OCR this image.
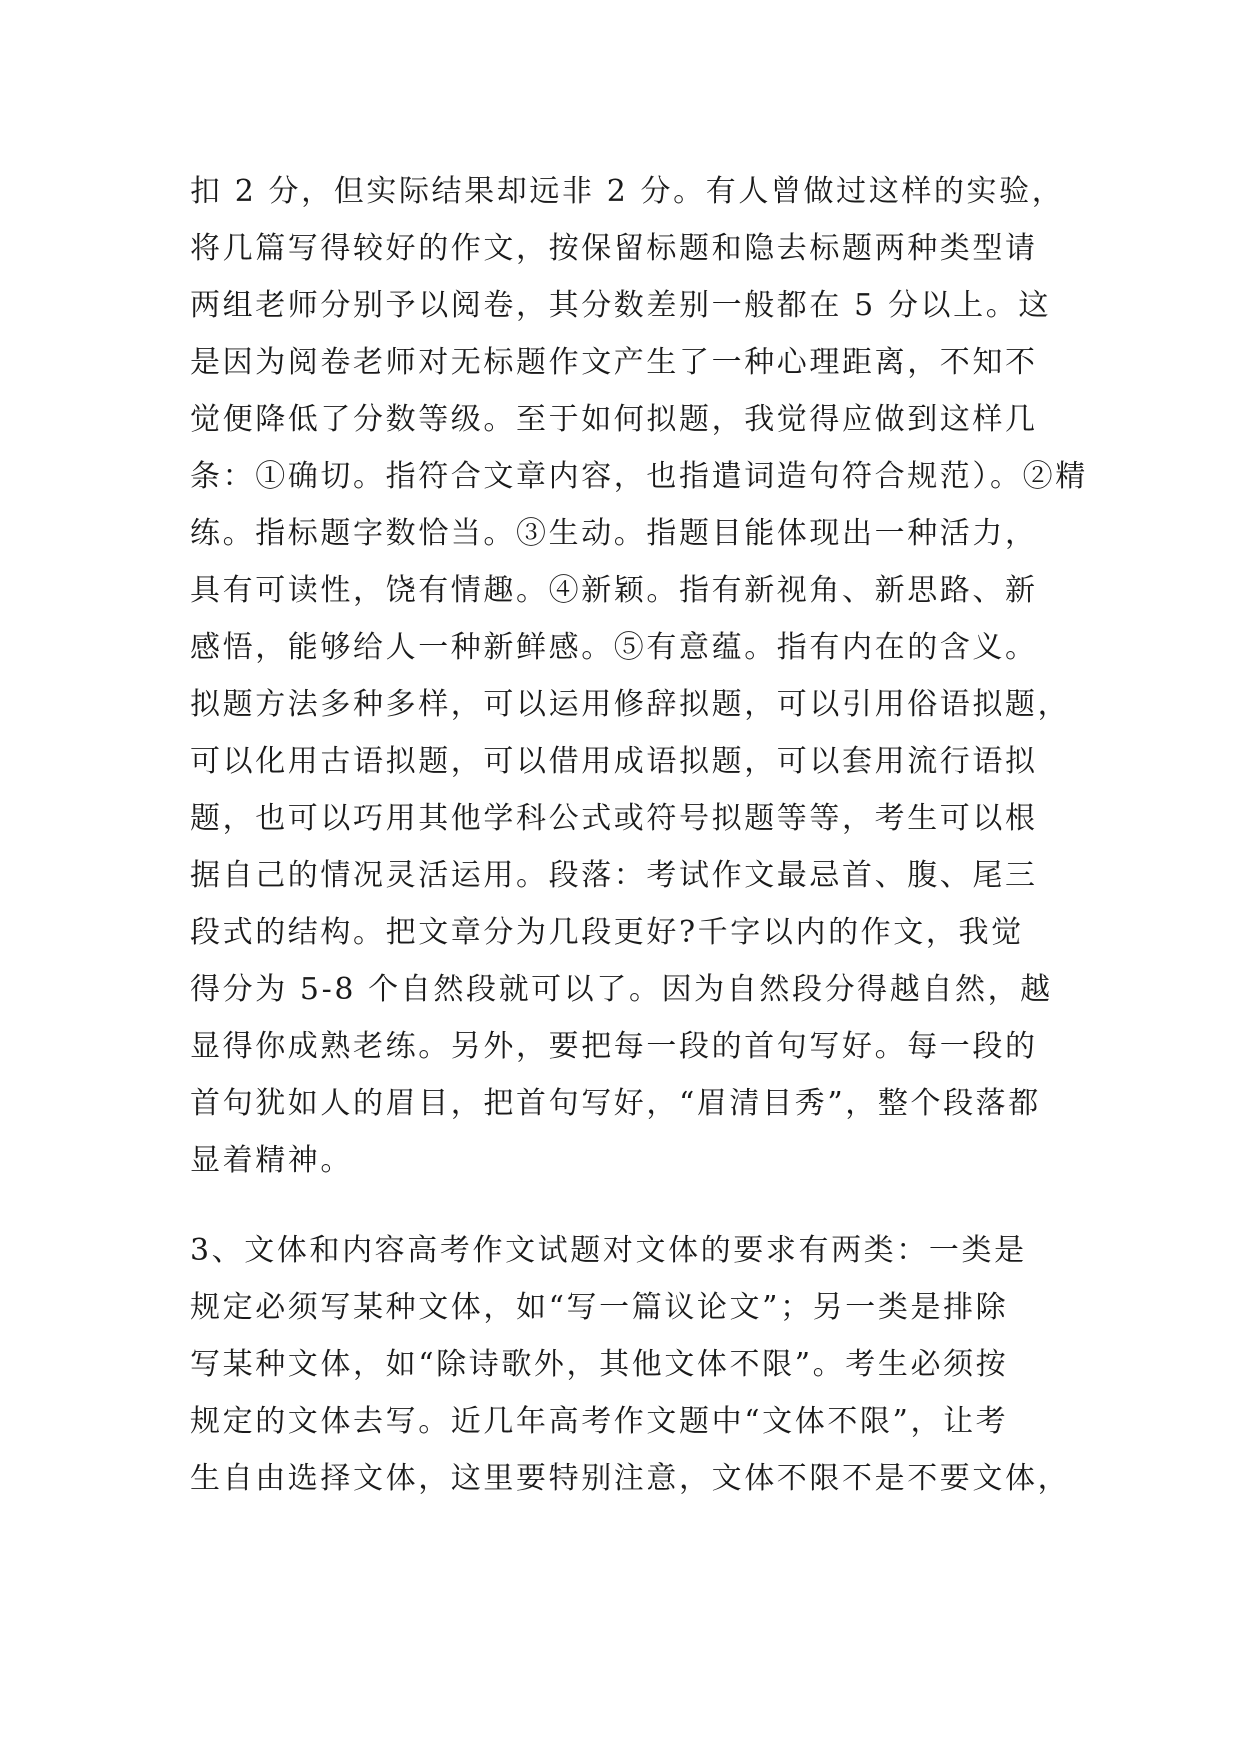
扣 2 分，但实际结果却远非 2 分。有人曾做过这样的实验，
将几篇写得较好的作文，按保留标题和隐去标题两种类型请
两组老师分别予以阅卷，其分数差别一般都在 5 分以上。这
是因为阅卷老师对无标题作文产生了一种心理距离，不知不
觉便降低了分数等级。至于如何拟题，我觉得应做到这样几
条：①确切。指符合文章内容，也指遣词造句符合规范）。②精
练。指标题字数恰当。③生动。指题目能体现出一种活力，
具有可读性，饶有情趣。④新颖。指有新视角、新思路、新
感悟，能够给人一种新鲜感。⑤有意蕴。指有内在的含义。
拟题方法多种多样，可以运用修辞拟题，可以引用俗语拟题，
可以化用古语拟题，可以借用成语拟题，可以套用流行语拟
题，也可以巧用其他学科公式或符号拟题等等，考生可以根
据自己的情况灵活运用。段落：考试作文最忌首、腹、尾三
段式的结构。把文章分为几段更好?千字以内的作文，我觉
得分为 5-8 个自然段就可以了。因为自然段分得越自然，越
显得你成熟老练。另外，要把每一段的首句写好。每一段的
首句犹如人的眉目，把首句写好，“眉清目秀”，整个段落都
显着精神。
3、文体和内容高考作文试题对文体的要求有两类：一类是
规定必须写某种文体，如“写一篇议论文”；另一类是排除
写某种文体，如“除诗歌外，其他文体不限”。考生必须按
规定的文体去写。近几年高考作文题中“文体不限”，让考
生自由选择文体，这里要特别注意，文体不限不是不要文体，
